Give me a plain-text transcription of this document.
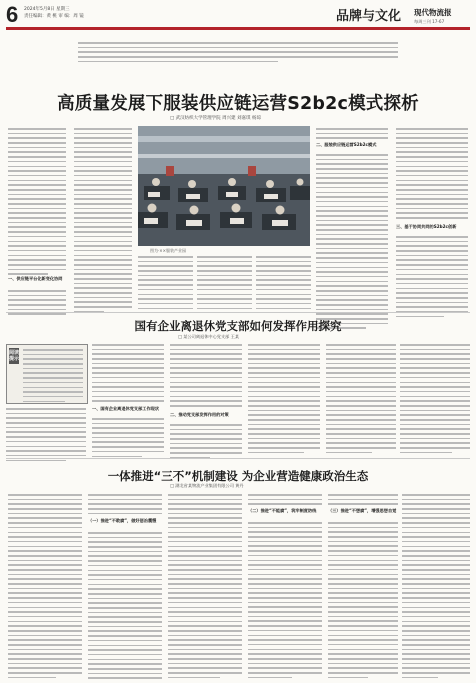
6 2024年5月8日 星期三
责任编辑：黄 桃 审 编：周 镜	品牌与文化 现代物流报
每周三刊 17-67
高质量发展下服装供应链运营S2b2c模式探析
□ 武汉纺织大学管理学院 周兴建 刘嘉琪 杨琼
一、供应链平台化新变化协同
图为·××服装产业园
二、服装供应链运营S2b2c模式
三、基于协同共同的S2b2c创新
国有企业离退休党支部如何发挥作用探究
□ 某公司离退休中心党支部 王某
阅读提示
一、国有企业离退休党支部工作现状
二、推动党支部发挥作用的对策
一体推进“三不”机制建设 为企业营造健康政治生态
□ 湖北省某物流产业集团有限公司 黄丹
（一）推进“不敢腐”，做好惩治震慑
（二）推进“不能腐”，筑牢制度防线	（三）推进“不想腐”，增强思想自觉
